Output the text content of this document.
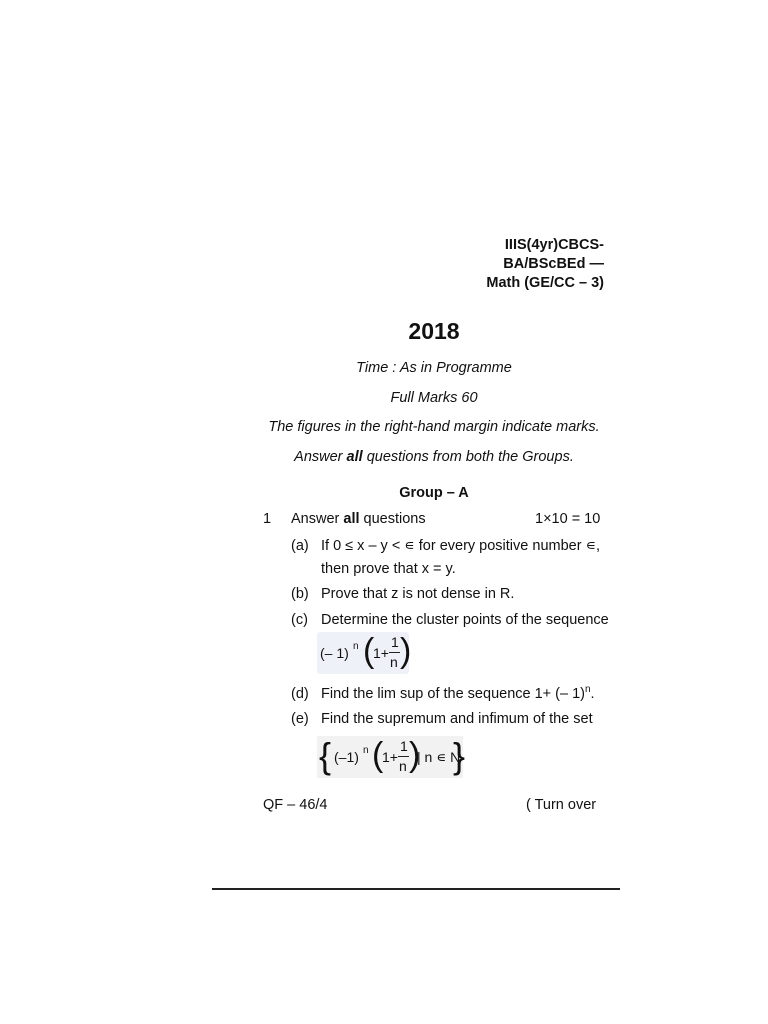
IIIS(4yr)CBCS-
BA/BScBEd —
Math (GE/CC – 3)
2018
Time : As in Programme
Full Marks 60
The figures in the right-hand margin indicate marks.
Answer all questions from both the Groups.
Group – A
1 Answer all questions	1×10 = 10
(a) If 0 ≤ x – y < ∊ for every positive number ∊,
then prove that x = y.
(b) Prove that z is not dense in R.
(c) Determine the cluster points of the sequence
(– 1) n (
1+
1
n )
(d) Find the lim sup of the sequence 1+ (– 1)$^n$.
(e) Find the supremum and infimum of the set
{ (–1) n (
1+
1
n )
| n ∊ N
}
QF – 46/4	( Turn over
